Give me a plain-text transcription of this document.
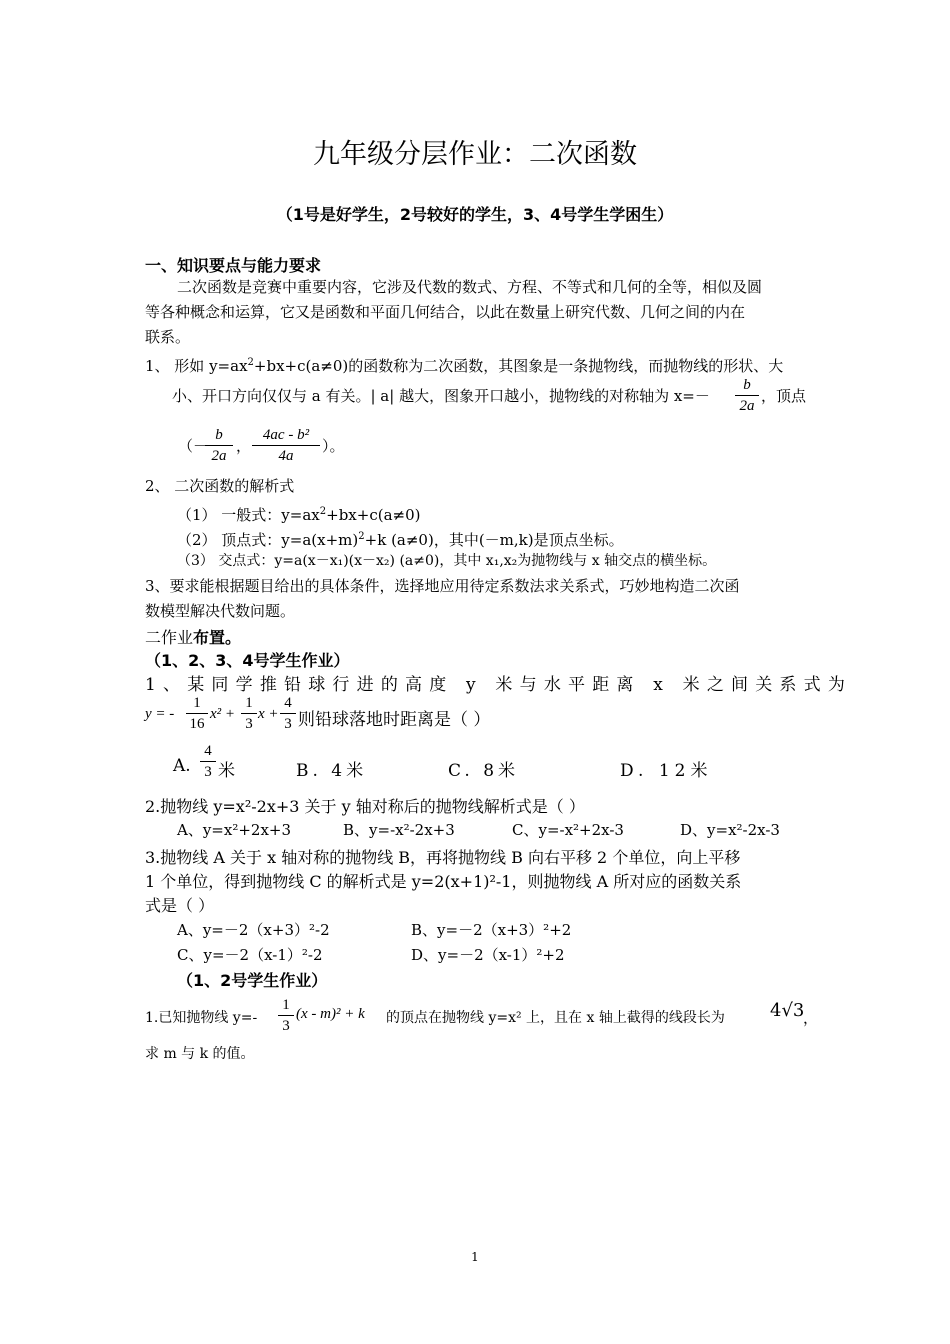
九年级分层作业：二次函数
（1号是好学生，2号较好的学生，3、4号学生学困生）
一、知识要点与能力要求
二次函数是竞赛中重要内容，它涉及代数的数式、方程、不等式和几何的全等，相似及圆
等各种概念和运算，它又是函数和平面几何结合，以此在数量上研究代数、几何之间的内在
联系。
1、 形如 $y=ax^2+bx+c(a\ne 0)$的函数称为二次函数，其图象是一条抛物线，而抛物线的形状、大
小、开口方向仅仅与 a 有关。| a| 越大，图象开口越小，抛物线的对称轴为 $x=- \frac{b}{2a}$ ，顶点
（－
$\frac{b}{2a}$ ， $\frac{\text{4ac - b²}}{4a}$ ）。
2、 二次函数的解析式
（1） 一般式：$y=ax^2+bx+c(a\ne 0)$
（2） 顶点式：$y=a(x+m)^2+k$ (a≠0)，其中(－m,k)是顶点坐标。
（3） 交点式：y=a(x－x₁)(x－x₂) (a≠0)，其中 x₁,x₂为抛物线与 x 轴交点的横坐标。
3、要求能根据题目给出的具体条件，选择地应用待定系数法求关系式，巧妙地构造二次函
数模型解决代数问题。
二作业布置。
（1、2、3、4号学生作业）
1、某同学推铅球行进的高度 y 米与水平距离 x 米之间关系式为
y = - $\frac{1}{16} x^2 + \frac{1}{3}$ $x + \frac{4}{3}$ 则铅球落地时距离是（ ）
A. $\frac{4}{3}$ 米	B. 4米	C. 8米	D. 12米
2.抛物线 y=x²-2x+3 关于 y 轴对称后的抛物线解析式是（ ）
A、y=x²+2x+3	B、y=-x²-2x+3	C、y=-x²+2x-3	D、y=x²-2x-3
3.抛物线 A 关于 x 轴对称的抛物线 B，再将抛物线 B 向右平移 2 个单位，向上平移
1 个单位，得到抛物线 C 的解析式是 y=2(x+1)²-1，则抛物线 A 所对应的函数关系
式是（ ）
A、y=－2（x+3）²-2	B、y=－2（x+3）²+2
C、y=－2（x-1）²-2	D、y=－2（x-1）²+2
（1、2号学生作业）
1.已知抛物线 $y=- \frac{1}{3} (x - m)^2 + k$ 的顶点在抛物线 y=x² 上，且在 x 轴上截得的线段长为	4√3
，
求 m 与 k 的值。
1
